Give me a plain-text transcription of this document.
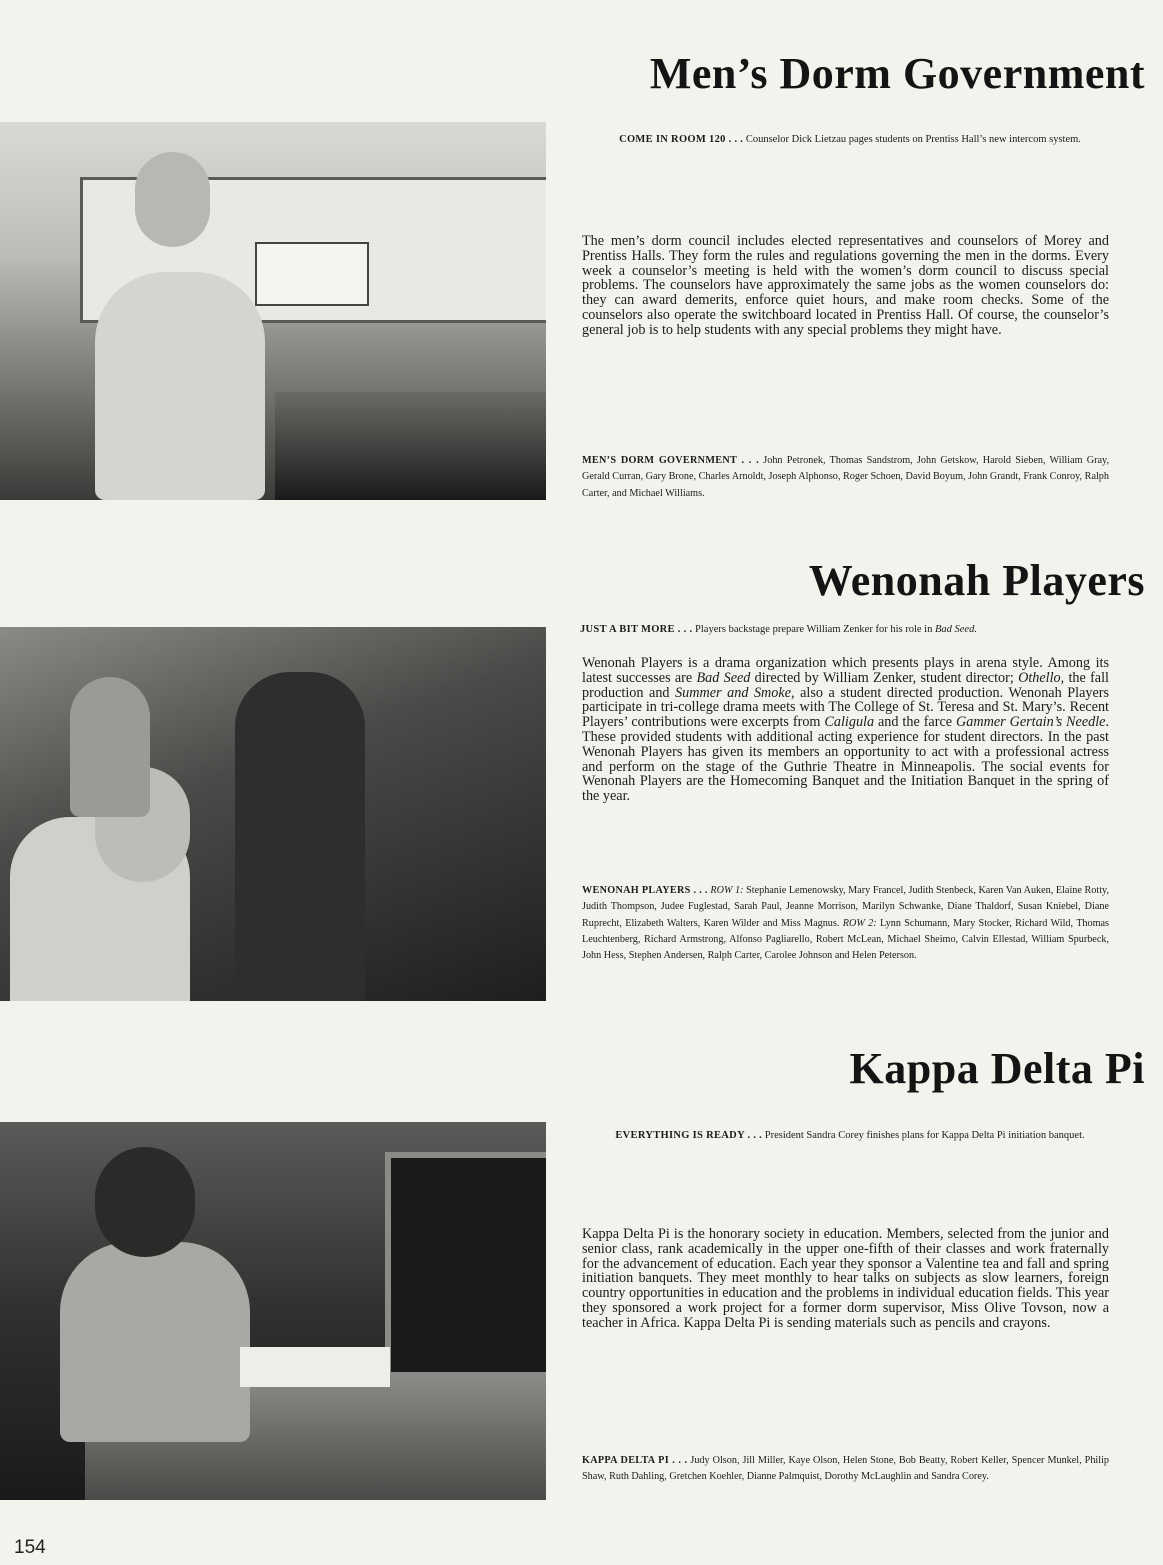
Men’s Dorm Government

COME IN ROOM 120 . . . Counselor Dick Lietzau pages students on Prentiss Hall’s new intercom system.

The men’s dorm council includes elected representatives and counselors of Morey and Prentiss Halls. They form the rules and regulations governing the men in the dorms. Every week a counselor’s meeting is held with the women’s dorm council to discuss special problems. The counselors have approximately the same jobs as the women counselors do: they can award demerits, enforce quiet hours, and make room checks. Some of the counselors also operate the switchboard located in Prentiss Hall. Of course, the counselor’s general job is to help students with any special problems they might have.

MEN’S DORM GOVERNMENT . . . John Petronek, Thomas Sandstrom, John Getskow, Harold Sieben, William Gray, Gerald Curran, Gary Brone, Charles Arnoldt, Joseph Alphonso, Roger Schoen, David Boyum, John Grandt, Frank Conroy, Ralph Carter, and Michael Williams.

Wenonah Players

JUST A BIT MORE . . . Players backstage prepare William Zenker for his role in Bad Seed.

Wenonah Players is a drama organization which presents plays in arena style. Among its latest successes are Bad Seed directed by William Zenker, student director; Othello, the fall production and Summer and Smoke, also a student directed production. Wenonah Players participate in tri-college drama meets with The College of St. Teresa and St. Mary’s. Recent Players’ contributions were excerpts from Caligula and the farce Gammer Gertain’s Needle. These provided students with additional acting experience for student directors. In the past Wenonah Players has given its members an opportunity to act with a professional actress and perform on the stage of the Guthrie Theatre in Minneapolis. The social events for Wenonah Players are the Homecoming Banquet and the Initiation Banquet in the spring of the year.

WENONAH PLAYERS . . . ROW 1: Stephanie Lemenowsky, Mary Francel, Judith Stenbeck, Karen Van Auken, Elaine Rotty, Judith Thompson, Judee Fuglestad, Sarah Paul, Jeanne Morrison, Marilyn Schwanke, Diane Thaldorf, Susan Kniebel, Diane Ruprecht, Elizabeth Walters, Karen Wilder and Miss Magnus. ROW 2: Lynn Schumann, Mary Stocker, Richard Wild, Thomas Leuchtenberg, Richard Armstrong, Alfonso Pagliarello, Robert McLean, Michael Sheimo, Calvin Ellestad, William Spurbeck, John Hess, Stephen Andersen, Ralph Carter, Carolee Johnson and Helen Peterson.

Kappa Delta Pi

EVERYTHING IS READY . . . President Sandra Corey finishes plans for Kappa Delta Pi initiation banquet.

Kappa Delta Pi is the honorary society in education. Members, selected from the junior and senior class, rank academically in the upper one-fifth of their classes and work fraternally for the advancement of education. Each year they sponsor a Valentine tea and fall and spring initiation banquets. They meet monthly to hear talks on subjects as slow learners, foreign country opportunities in education and the problems in individual education fields. This year they sponsored a work project for a former dorm supervisor, Miss Olive Tovson, now a teacher in Africa. Kappa Delta Pi is sending materials such as pencils and crayons.

KAPPA DELTA PI . . . Judy Olson, Jill Miller, Kaye Olson, Helen Stone, Bob Beatty, Robert Keller, Spencer Munkel, Philip Shaw, Ruth Dahling, Gretchen Koehler, Dianne Palmquist, Dorothy McLaughlin and Sandra Corey.

154
